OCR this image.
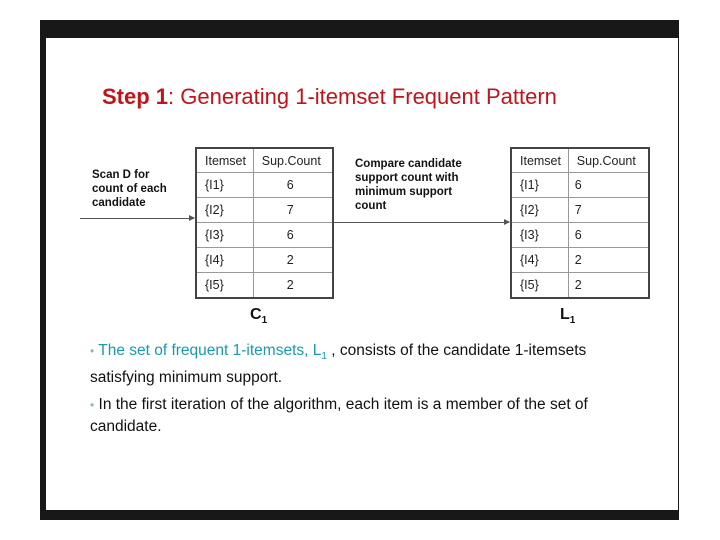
Step 1: Generating 1-itemset Frequent Pattern
Scan D for count of each candidate
Itemset	Sup.Count
{I1}	6
{I2}	7
{I3}	6
{I4}	2
{I5}	2
Compare candidate support count with minimum support count
Itemset	Sup.Count
{I1}	6
{I2}	7
{I3}	6
{I4}	2
{I5}	2
$C_1$	$L_1$
• The set of frequent 1-itemsets, $L_1$ , consists of the candidate 1-itemsets satisfying minimum support.
• In the first iteration of the algorithm, each item is a member of the set of candidate.
